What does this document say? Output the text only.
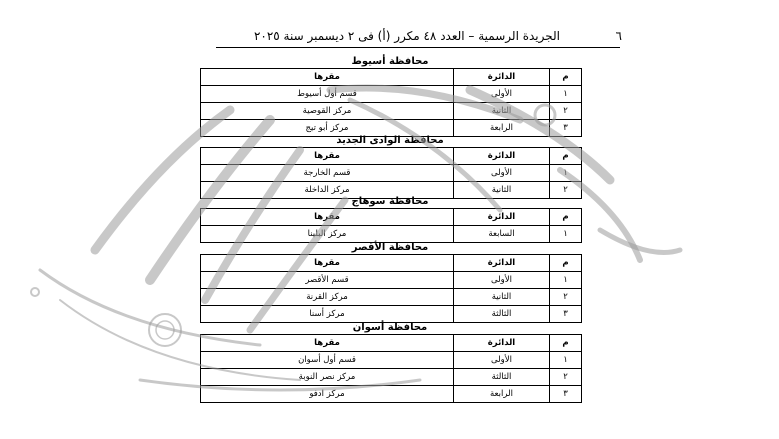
الجريدة الرسمية – العدد ٤٨ مكرر (أ) فى ٢ ديسمبر سنة ٢٠٢٥	٦
محافظة أسيوط
م	الدائرة	مقرها
١	الأولى	قسم أول أسيوط
٢	الثانية	مركز القوصية
٣	الرابعة	مركز أبو تيج
محافظة الوادى الجديد
م	الدائرة	مقرها
١	الأولى	قسم الخارجة
٢	الثانية	مركز الداخلة
محافظة سوهاج
م	الدائرة	مقرها
١	السابعة	مركز البلينا
محافظة الأقصر
م	الدائرة	مقرها
١	الأولى	قسم الأقصر
٢	الثانية	مركز القرنة
٣	الثالثة	مركز أسنا
محافظة أسوان
م	الدائرة	مقرها
١	الأولى	قسم أول أسوان
٢	الثالثة	مركز نصر النوبة
٣	الرابعة	مركز ادفو
